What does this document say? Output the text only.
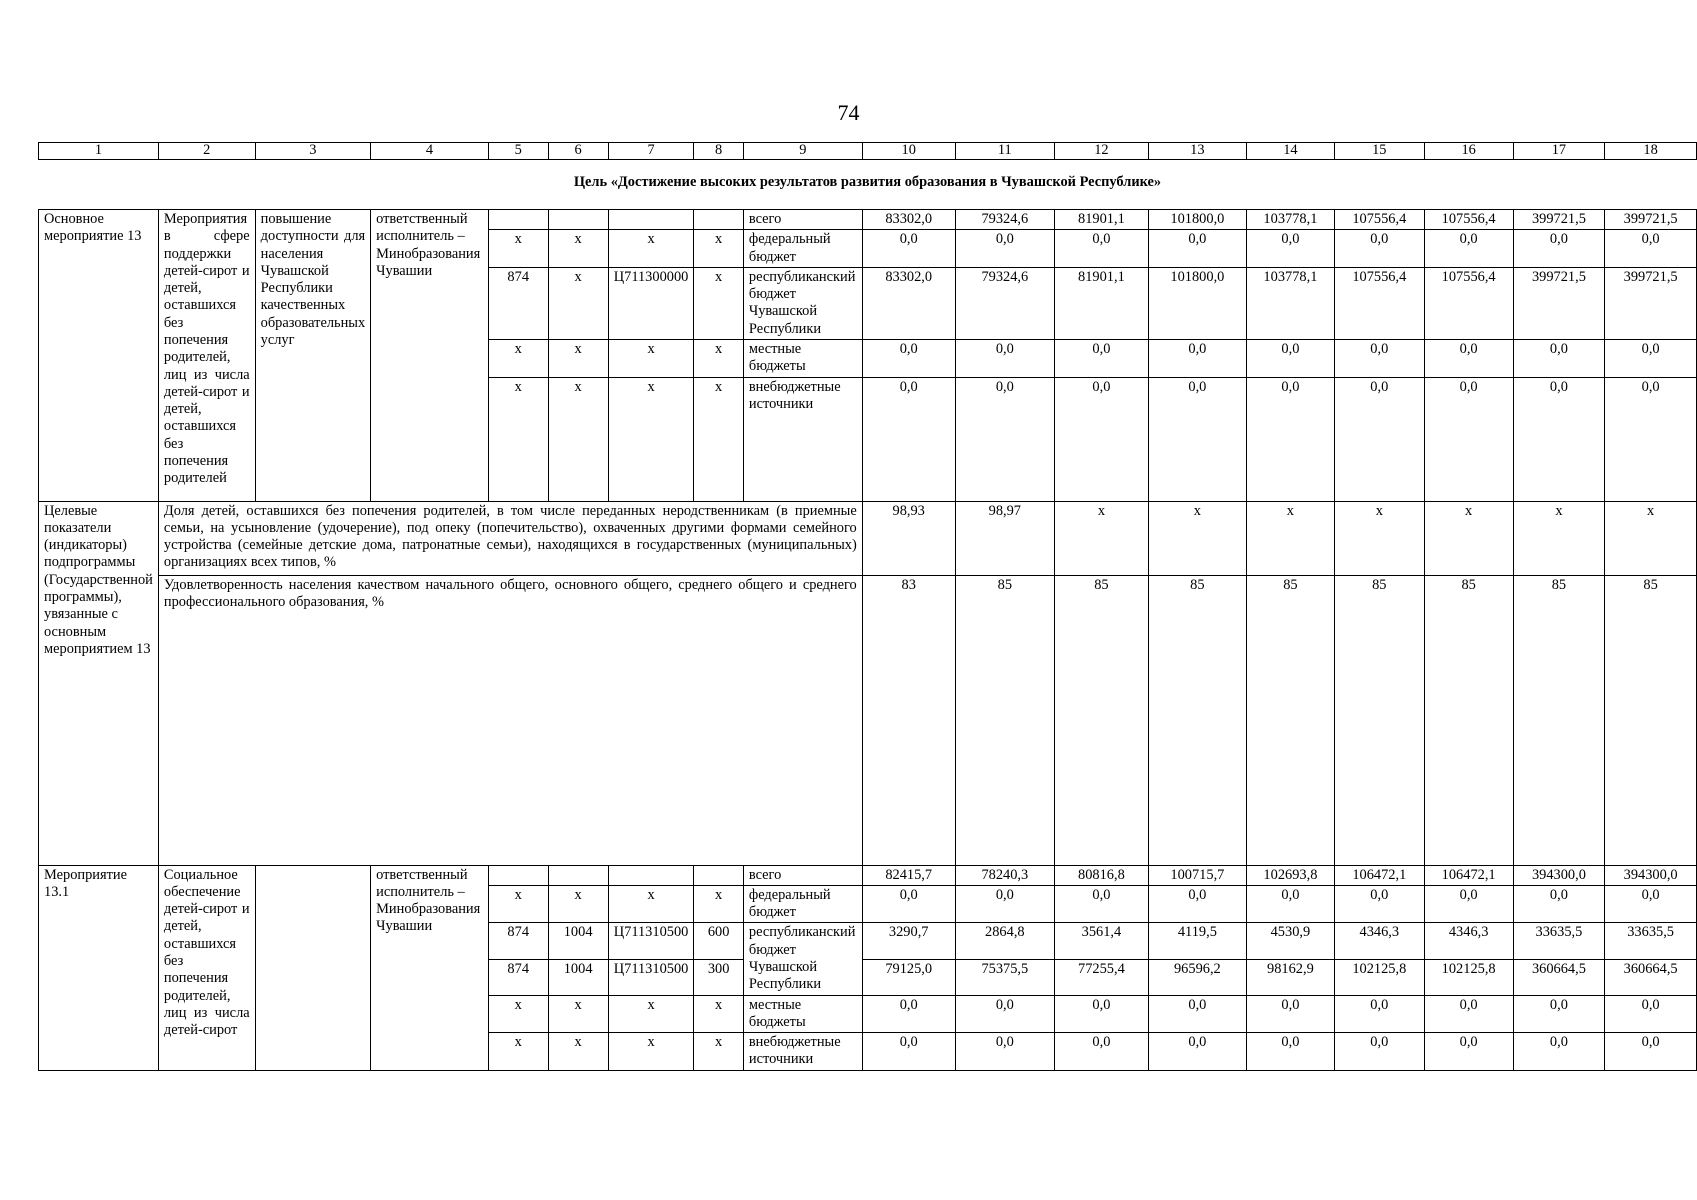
74
1	2	3	4	5	6	7	8	9	10	11	12	13	14	15	16	17	18
Цель «Достижение высоких результатов развития образования в Чувашской Республике»																	
Основное мероприятие 13	Мероприятия в сфере поддержки детей-сирот и детей, оставшихся без попечения родителей, лиц из числа детей-сирот и детей, оставшихся без попечения родителей	повышение доступности для населения Чувашской Республики качественных образовательных услуг	ответственный исполнитель – Минобразования Чувашии					всего	83302,0	79324,6	81901,1	101800,0	103778,1	107556,4	107556,4	399721,5	399721,5
				x	x	x	x	федеральный бюджет	0,0	0,0	0,0	0,0	0,0	0,0	0,0	0,0	0,0
				874	x	Ц711300000	x	республиканский бюджет Чувашской Республики	83302,0	79324,6	81901,1	101800,0	103778,1	107556,4	107556,4	399721,5	399721,5
				x	x	x	x	местные бюджеты	0,0	0,0	0,0	0,0	0,0	0,0	0,0	0,0	0,0
				x	x	x	x	внебюджетные источники	0,0	0,0	0,0	0,0	0,0	0,0	0,0	0,0	0,0
Целевые показатели (индикаторы) подпрограммы (Государственной программы), увязанные с основным мероприятием 13	Доля детей, оставшихся без попечения родителей, в том числе переданных неродственникам (в приемные семьи, на усыновление (удочерение), под опеку (попечительство), охваченных другими формами семейного устройства (семейные детские дома, патронатные семьи), находящихся в государственных (муниципальных) организациях всех типов, %								98,93	98,97	x	x	x	x	x	x	x
	Удовлетворенность населения качеством начального общего, основного общего, среднего общего и среднего профессионального образования, %								83	85	85	85	85	85	85	85	85
Мероприятие 13.1	Социальное обеспечение детей-сирот и детей, оставшихся без попечения родителей, лиц из числа детей-сирот		ответственный исполнитель – Минобразования Чувашии					всего	82415,7	78240,3	80816,8	100715,7	102693,8	106472,1	106472,1	394300,0	394300,0
				x	x	x	x	федеральный бюджет	0,0	0,0	0,0	0,0	0,0	0,0	0,0	0,0	0,0
				874	1004	Ц711310500	600	республиканский бюджет Чувашской Республики	3290,7	2864,8	3561,4	4119,5	4530,9	4346,3	4346,3	33635,5	33635,5
				874	1004	Ц711310500	300		79125,0	75375,5	77255,4	96596,2	98162,9	102125,8	102125,8	360664,5	360664,5
				x	x	x	x	местные бюджеты	0,0	0,0	0,0	0,0	0,0	0,0	0,0	0,0	0,0
				x	x	x	x	внебюджетные источники	0,0	0,0	0,0	0,0	0,0	0,0	0,0	0,0	0,0
